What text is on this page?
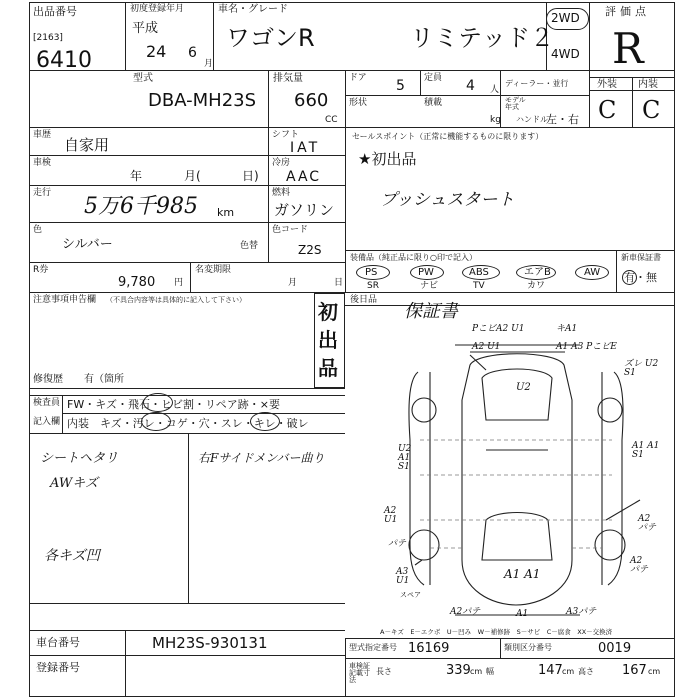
出品番号
[2163]
6410
初度登録年月
平成
24 6
月
車名・グレード
ワゴンR	リミテッド２
2WD
4WD
評価点
R
外装 内装
C C
型式
DBA-MH23S
排気量
660
CC
ドア 5 定員 4 人
ディーラー・並行
形状	積載
kg
モデル 年式
ハンドル
左・右
車歴
自家用
シフト
IAT
車検
年	月(	日)
冷房
AAC
走行
5万6千985 km
燃料
ガソリン
色
シルバー	色替
色コード
Z2S
R券
9,780 円
名変期限
月	日
セールスポイント（正常に機能するものに限ります）
★初出品
プッシュスタート
装備品（純正品に限り○印で記入）
PS	PW	ABS	エアB	AW
SR	ナビ	TV	カワ
新車保証書
有・無
後日品
保証書
注意事項申告欄 （不具合内容等は具体的に記入して下さい）	初出品
修復歴 有（箇所
検査員
記入欄
FW・キズ・飛石・ヒビ割・リペア跡・×要
内装　キズ・汚レ・コゲ・穴・スレ・キレ・破レ
シートヘタリ
AWキズ
各キズ凹
右Fサイドメンバー曲り
PこビA2 U1	キA1
A2 U1	A1 A3 PこビE
U2
ズレ U2 S1
U2 A1 S1
A1 A1 S1
A2 U1	A2 パテ
A2 パテ
パテ
A3 U1
スペア
A1 A1
A2パテ	A1	A3パテ
A－キズ　E－エクボ　U－凹み　W－補修跡　S－サビ　C－腐食　XX－交換済
車台番号	MH23S-930131
登録番号
型式指定番号 16169	類別区分番号	0019
車検証記載寸法
長さ	339 cm 幅	147 cm 高さ 167 cm
